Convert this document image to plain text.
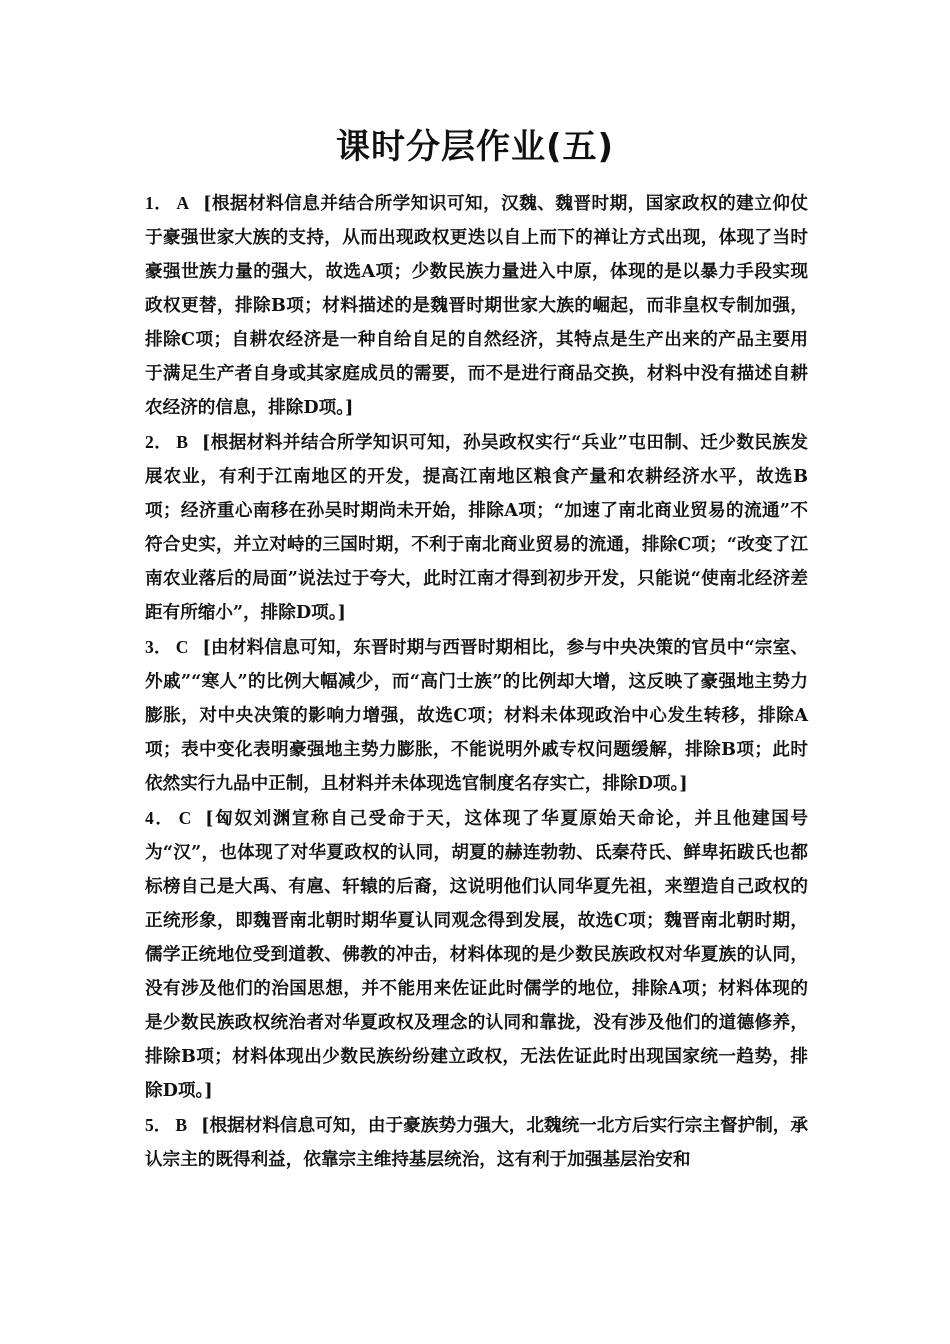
课时分层作业(五)

1． A [根据材料信息并结合所学知识可知，汉魏、魏晋时期，国家政权的建立仰仗于豪强世家大族的支持，从而出现政权更迭以自上而下的禅让方式出现，体现了当时豪强世族力量的强大，故选A项；少数民族力量进入中原，体现的是以暴力手段实现政权更替，排除B项；材料描述的是魏晋时期世家大族的崛起，而非皇权专制加强，排除C项；自耕农经济是一种自给自足的自然经济，其特点是生产出来的产品主要用于满足生产者自身或其家庭成员的需要，而不是进行商品交换，材料中没有描述自耕农经济的信息，排除D项。]

2． B [根据材料并结合所学知识可知，孙吴政权实行“兵业”屯田制、迁少数民族发展农业，有利于江南地区的开发，提高江南地区粮食产量和农耕经济水平，故选B项；经济重心南移在孙吴时期尚未开始，排除A项；“加速了南北商业贸易的流通”不符合史实，并立对峙的三国时期，不利于南北商业贸易的流通，排除C项；“改变了江南农业落后的局面”说法过于夸大，此时江南才得到初步开发，只能说“使南北经济差距有所缩小”，排除D项。]

3． C [由材料信息可知，东晋时期与西晋时期相比，参与中央决策的官员中“宗室、外戚”“寒人”的比例大幅减少，而“高门士族”的比例却大增，这反映了豪强地主势力膨胀，对中央决策的影响力增强，故选C项；材料未体现政治中心发生转移，排除A项；表中变化表明豪强地主势力膨胀，不能说明外戚专权问题缓解，排除B项；此时依然实行九品中正制，且材料并未体现选官制度名存实亡，排除D项。]

4． C [匈奴刘渊宣称自己受命于天，这体现了华夏原始天命论，并且他建国号为“汉”，也体现了对华夏政权的认同，胡夏的赫连勃勃、氐秦苻氏、鲜卑拓跋氏也都标榜自己是大禹、有扈、轩辕的后裔，这说明他们认同华夏先祖，来塑造自己政权的正统形象，即魏晋南北朝时期华夏认同观念得到发展，故选C项；魏晋南北朝时期，儒学正统地位受到道教、佛教的冲击，材料体现的是少数民族政权对华夏族的认同，没有涉及他们的治国思想，并不能用来佐证此时儒学的地位，排除A项；材料体现的是少数民族政权统治者对华夏政权及理念的认同和靠拢，没有涉及他们的道德修养，排除B项；材料体现出少数民族纷纷建立政权，无法佐证此时出现国家统一趋势，排除D项。]

5． B [根据材料信息可知，由于豪族势力强大，北魏统一北方后实行宗主督护制，承认宗主的既得利益，依靠宗主维持基层统治，这有利于加强基层治安和
